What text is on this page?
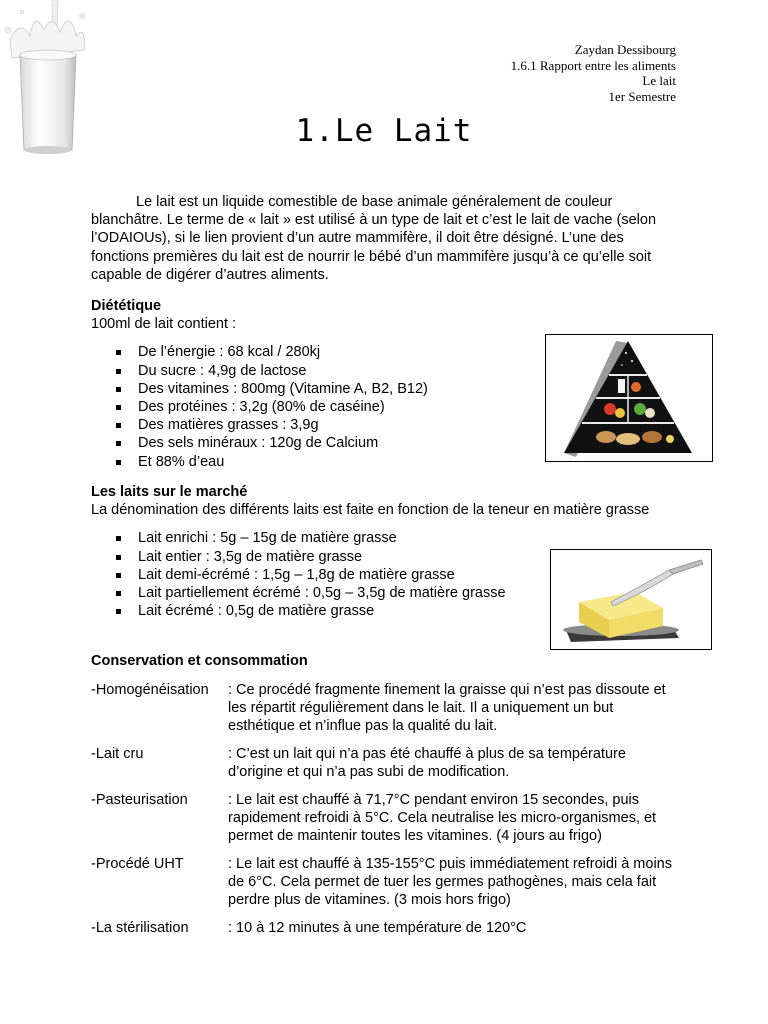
Zaydan Dessibourg
1.6.1 Rapport entre les aliments
Le lait
1er Semestre
1.Le Lait

Le lait est un liquide comestible de base animale généralement de couleur blanchâtre. Le terme de « lait » est utilisé à un type de lait et c’est le lait de vache (selon l’ODAIOUs), si le lien provient d’un autre mammifère, il doit être désigné. L’une des fonctions premières du lait est de nourrir le bébé d’un mammifère jusqu’à ce qu’elle soit capable de digérer d’autres aliments.

Diététique

100ml de lait contient :
De l’énergie : 68 kcal / 280kj
Du sucre : 4,9g de lactose
Des vitamines : 800mg (Vitamine A, B2, B12)
Des protéines : 3,2g (80% de caséine)
Des matières grasses : 3,9g
Des sels minéraux : 120g de Calcium
Et 88% d’eau

Les laits sur le marché

La dénomination des différents laits est faite en fonction de la teneur en matière grasse
Lait enrichi : 5g – 15g de matière grasse
Lait entier : 3,5g de matière grasse
Lait demi-écrémé : 1,5g – 1,8g de matière grasse
Lait partiellement écrémé : 0,5g – 3,5g de matière grasse
Lait écrémé : 0,5g de matière grasse

Conservation et consommation

-Homogénéisation	: Ce procédé fragmente finement la graisse qui n’est pas dissoute et les répartit régulièrement dans le lait. Il a uniquement un but esthétique et n’influe pas la qualité du lait.
-Lait cru	: C’est un lait qui n’a pas été chauffé à plus de sa température d’origine et qui n’a pas subi de modification.
-Pasteurisation	: Le lait est chauffé à 71,7°C pendant environ 15 secondes, puis rapidement refroidi à 5°C. Cela neutralise les micro-organismes, et permet de maintenir toutes les vitamines. (4 jours au frigo)
-Procédé UHT	: Le lait est chauffé à 135-155°C puis immédiatement refroidi à moins de 6°C. Cela permet de tuer les germes pathogènes, mais cela fait perdre plus de vitamines. (3 mois hors frigo)
-La stérilisation	: 10 à 12 minutes à une température de 120°C
